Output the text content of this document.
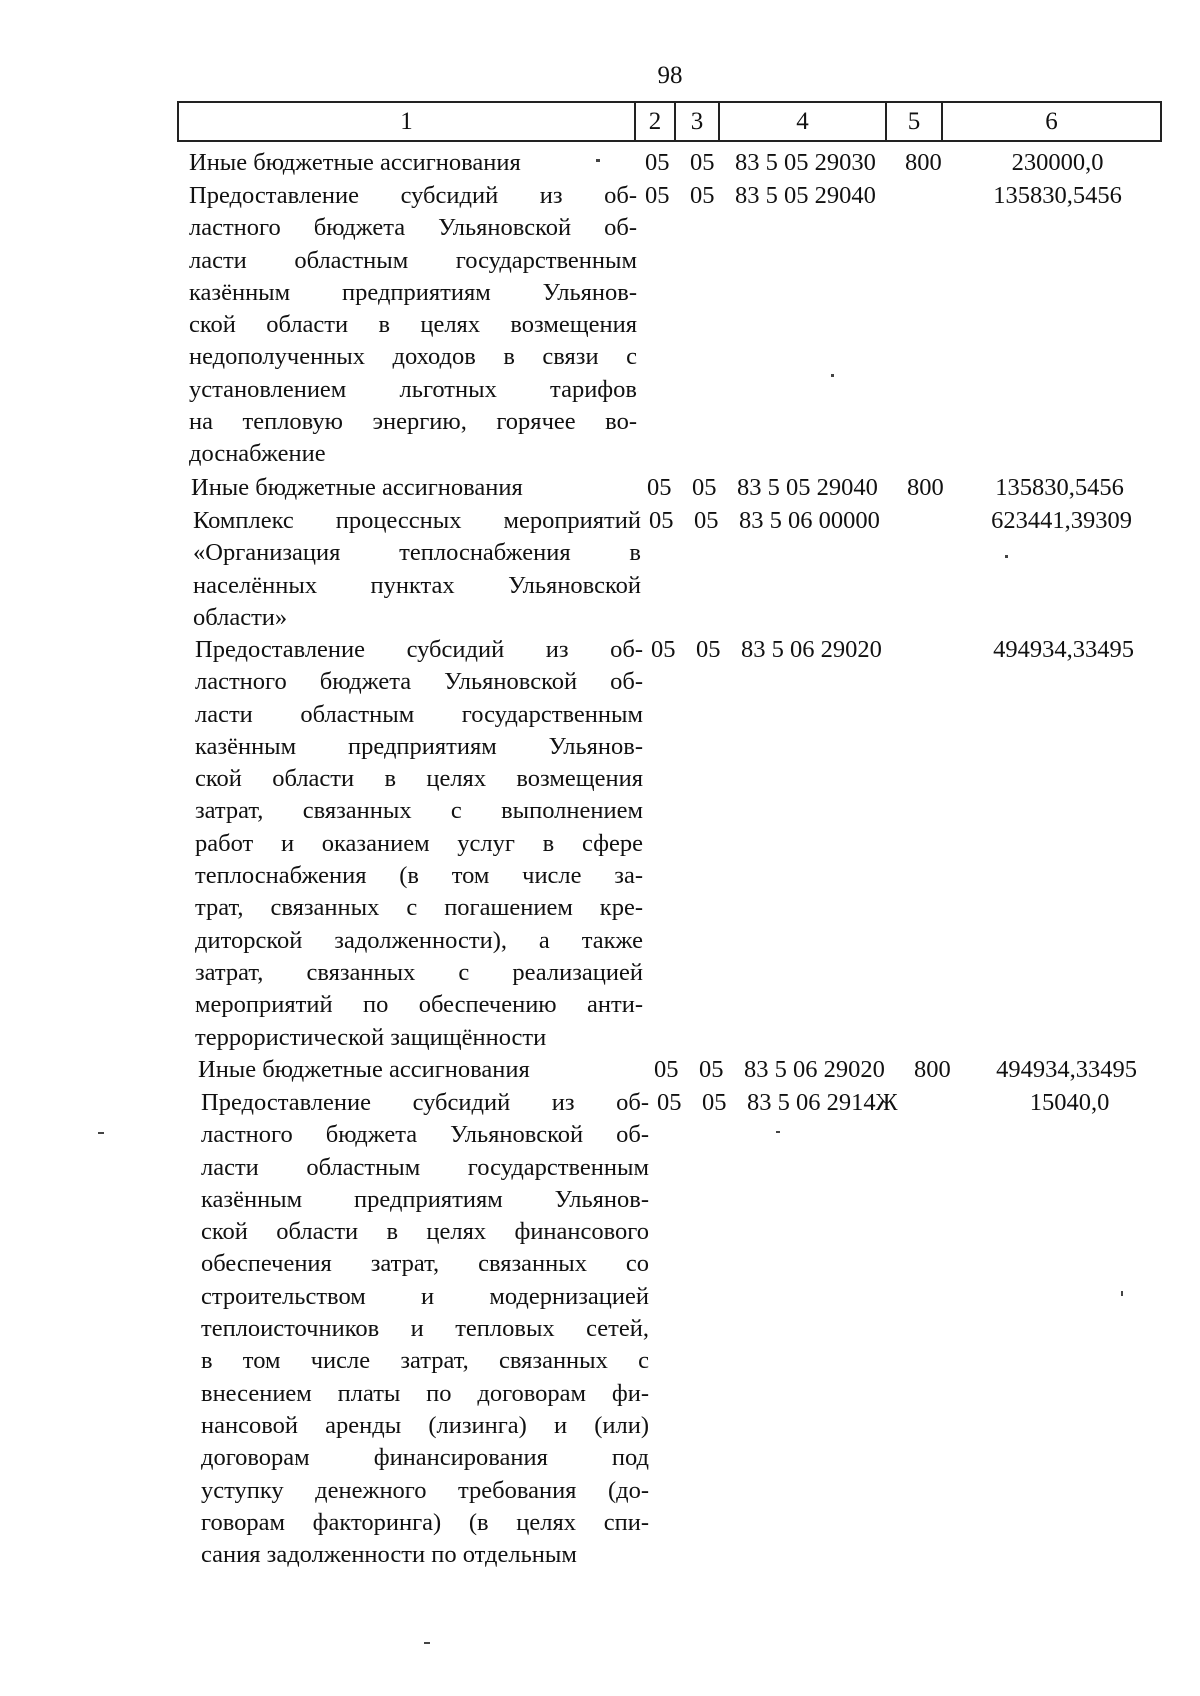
98
1	2	3	4	5	6
Иные бюджетные ассигнования	05 05 83 5 05 29030 800	230000,0
Предоставление субсидий из об-
ластного бюджета Ульяновской об-
ласти областным государственным
казённым предприятиям Ульянов-
ской области в целях возмещения
недополученных доходов в связи с
установлением льготных тарифов
на тепловую энергию, горячее во-
доснабжение
05 05 83 5 05 29040	135830,5456
Иные бюджетные ассигнования	05 05 83 5 05 29040 800	135830,5456
Комплекс процессных мероприятий
«Организация теплоснабжения в
населённых пунктах Ульяновской
области»
05 05 83 5 06 00000	623441,39309
Предоставление субсидий из об-
ластного бюджета Ульяновской об-
ласти областным государственным
казённым предприятиям Ульянов-
ской области в целях возмещения
затрат, связанных с выполнением
работ и оказанием услуг в сфере
теплоснабжения (в том числе за-
трат, связанных с погашением кре-
диторской задолженности), а также
затрат, связанных с реализацией
мероприятий по обеспечению анти-
террористической защищённости
05 05 83 5 06 29020	494934,33495
Иные бюджетные ассигнования	05 05 83 5 06 29020 800	494934,33495
Предоставление субсидий из об-
ластного бюджета Ульяновской об-
ласти областным государственным
казённым предприятиям Ульянов-
ской области в целях финансового
обеспечения затрат, связанных со
строительством и модернизацией
теплоисточников и тепловых сетей,
в том числе затрат, связанных с
внесением платы по договорам фи-
нансовой аренды (лизинга) и (или)
договорам финансирования под
уступку денежного требования (до-
говорам факторинга) (в целях спи-
сания задолженности по отдельным
05 05 83 5 06 2914Ж	15040,0
